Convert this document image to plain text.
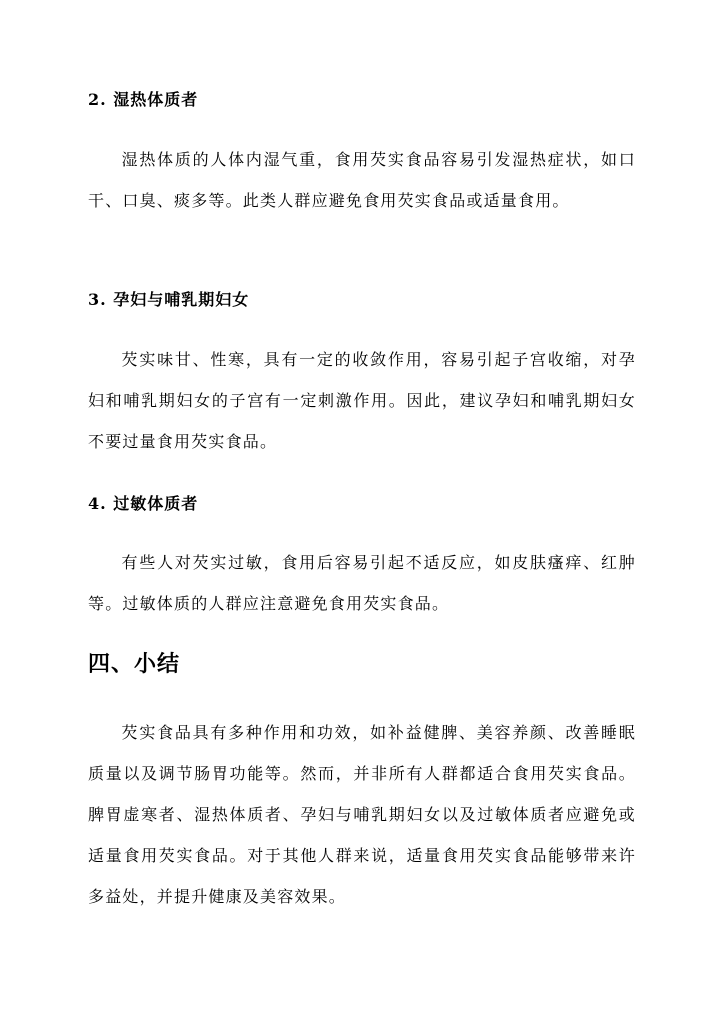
2. 湿热体质者
湿热体质的人体内湿气重，食用芡实食品容易引发湿热症状，如口干、口臭、痰多等。此类人群应避免食用芡实食品或适量食用。
3. 孕妇与哺乳期妇女
芡实味甘、性寒，具有一定的收敛作用，容易引起子宫收缩，对孕妇和哺乳期妇女的子宫有一定刺激作用。因此，建议孕妇和哺乳期妇女不要过量食用芡实食品。
4. 过敏体质者
有些人对芡实过敏，食用后容易引起不适反应，如皮肤瘙痒、红肿等。过敏体质的人群应注意避免食用芡实食品。
四、小结
芡实食品具有多种作用和功效，如补益健脾、美容养颜、改善睡眠质量以及调节肠胃功能等。然而，并非所有人群都适合食用芡实食品。脾胃虚寒者、湿热体质者、孕妇与哺乳期妇女以及过敏体质者应避免或适量食用芡实食品。对于其他人群来说，适量食用芡实食品能够带来许多益处，并提升健康及美容效果。
